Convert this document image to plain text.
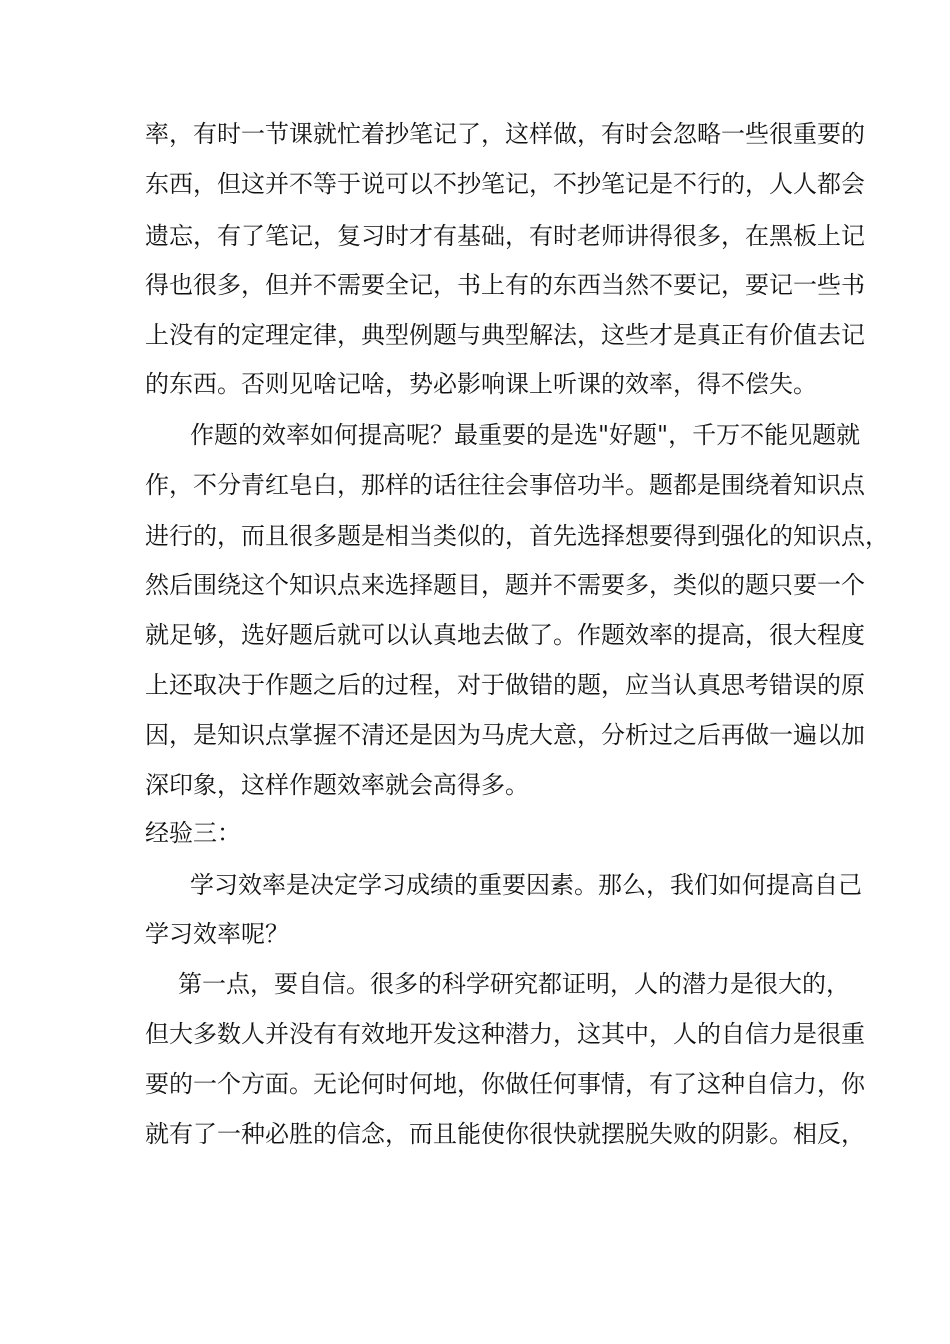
率，有时一节课就忙着抄笔记了，这样做，有时会忽略一些很重要的
东西，但这并不等于说可以不抄笔记，不抄笔记是不行的，人人都会
遗忘，有了笔记，复习时才有基础，有时老师讲得很多，在黑板上记
得也很多，但并不需要全记，书上有的东西当然不要记，要记一些书
上没有的定理定律，典型例题与典型解法，这些才是真正有价值去记
的东西。否则见啥记啥，势必影响课上听课的效率，得不偿失。
作题的效率如何提高呢？最重要的是选"好题"，千万不能见题就
作，不分青红皂白，那样的话往往会事倍功半。题都是围绕着知识点
进行的，而且很多题是相当类似的，首先选择想要得到强化的知识点，
然后围绕这个知识点来选择题目，题并不需要多，类似的题只要一个
就足够，选好题后就可以认真地去做了。作题效率的提高，很大程度
上还取决于作题之后的过程，对于做错的题，应当认真思考错误的原
因，是知识点掌握不清还是因为马虎大意，分析过之后再做一遍以加
深印象，这样作题效率就会高得多。
经验三：
学习效率是决定学习成绩的重要因素。那么，我们如何提高自己
学习效率呢？
第一点，要自信。很多的科学研究都证明，人的潜力是很大的，
但大多数人并没有有效地开发这种潜力，这其中，人的自信力是很重
要的一个方面。无论何时何地，你做任何事情，有了这种自信力，你
就有了一种必胜的信念，而且能使你很快就摆脱失败的阴影。相反，
